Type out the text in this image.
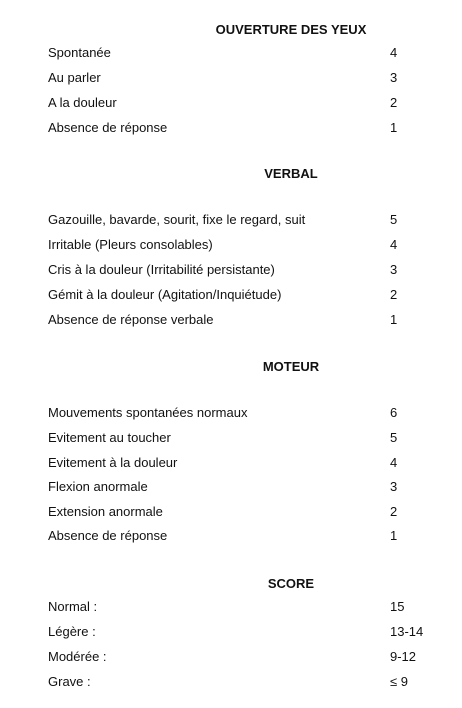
OUVERTURE DES YEUX
Spontanée	4
Au parler	3
A la douleur	2
Absence de réponse	1
VERBAL
Gazouille, bavarde, sourit, fixe le regard, suit	5
Irritable (Pleurs consolables)	4
Cris à la douleur (Irritabilité persistante)	3
Gémit à la douleur (Agitation/Inquiétude)	2
Absence de réponse verbale	1
MOTEUR
Mouvements spontanées normaux	6
Evitement au toucher	5
Evitement à la douleur	4
Flexion anormale	3
Extension anormale	2
Absence de réponse	1
SCORE
Normal :	15
Légère :	13-14
Modérée :	9-12
Grave :	≤ 9
